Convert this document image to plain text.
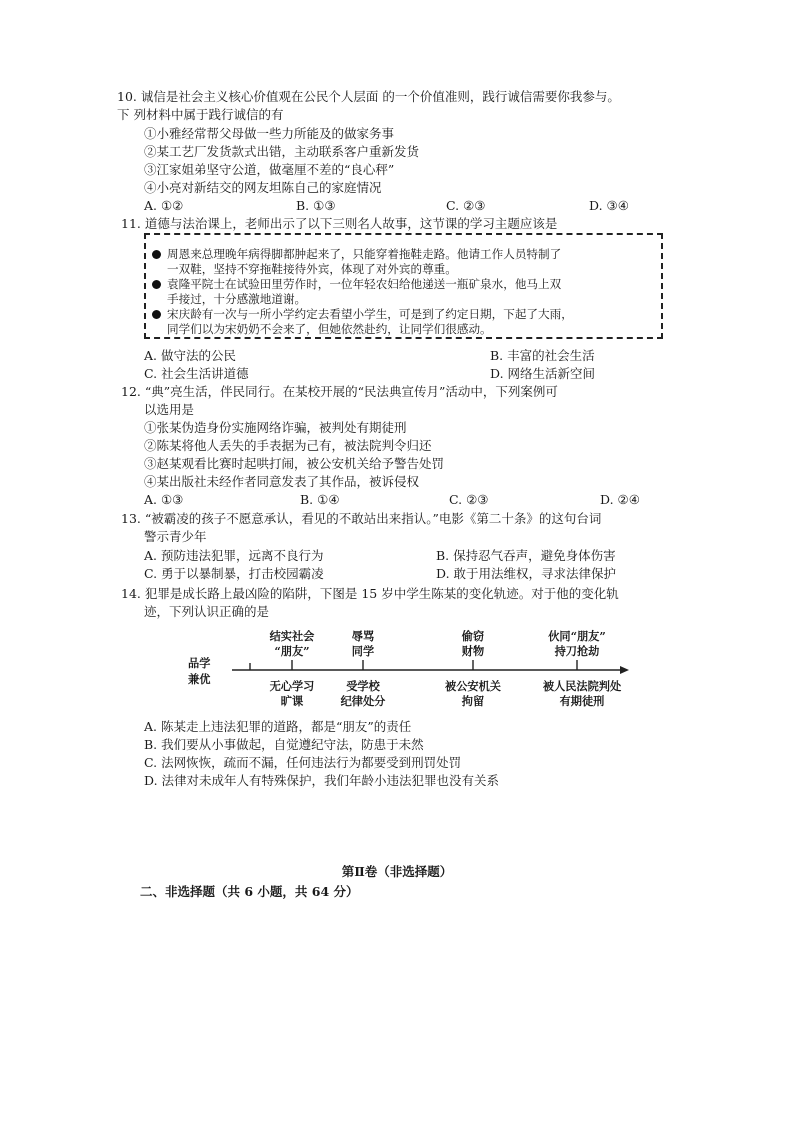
10. 诚信是社会主义核心价值观在公民个人层面 的一个价值准则，践行诚信需要你我参与。
下 列材料中属于践行诚信的有
①小雅经常帮父母做一些力所能及的做家务事
②某工艺厂发货款式出错，主动联系客户重新发货
③江家姐弟坚守公道，做毫厘不差的“良心秤”
④小亮对新结交的网友坦陈自己的家庭情况
A. ①②	B. ①③	C. ②③	D. ③④
11. 道德与法治课上，老师出示了以下三则名人故事，这节课的学习主题应该是
周恩来总理晚年病得脚都肿起来了，只能穿着拖鞋走路。他请工作人员特制了
一双鞋，坚持不穿拖鞋接待外宾，体现了对外宾的尊重。
袁隆平院士在试验田里劳作时，一位年轻农妇给他递送一瓶矿泉水，他马上双
手接过，十分感激地道谢。
宋庆龄有一次与一所小学约定去看望小学生，可是到了约定日期，下起了大雨，
同学们以为宋奶奶不会来了，但她依然赴约，让同学们很感动。
A. 做守法的公民	B. 丰富的社会生活
C. 社会生活讲道德	D. 网络生活新空间
12. “典”亮生活，伴民同行。在某校开展的“民法典宣传月”活动中，下列案例可
以选用是
①张某伪造身份实施网络诈骗，被判处有期徒刑
②陈某将他人丢失的手表据为己有，被法院判令归还
③赵某观看比赛时起哄打闹，被公安机关给予警告处罚
④某出版社未经作者同意发表了其作品，被诉侵权
A. ①③	B. ①④	C. ②③	D. ②④
13. “被霸凌的孩子不愿意承认，看见的不敢站出来指认。”电影《第二十条》的这句台词
警示青少年
A. 预防违法犯罪，远离不良行为	B. 保持忍气吞声，避免身体伤害
C. 勇于以暴制暴，打击校园霸凌	D. 敢于用法维权，寻求法律保护
14. 犯罪是成长路上最凶险的陷阱，下图是 15 岁中学生陈某的变化轨迹。对于他的变化轨
迹，下列认识正确的是
品学
兼优
结实社会
“朋友”
辱骂
同学
偷窃
财物
伙同“朋友”
持刀抢劫
无心学习
旷课
受学校
纪律处分
被公安机关
拘留
被人民法院判处
有期徒刑
A. 陈某走上违法犯罪的道路，都是“朋友”的责任
B. 我们要从小事做起，自觉遵纪守法，防患于未然
C. 法网恢恢，疏而不漏，任何违法行为都要受到刑罚处罚
D. 法律对未成年人有特殊保护，我们年龄小违法犯罪也没有关系
第Ⅱ卷（非选择题）
二、非选择题（共 6 小题，共 64 分）
